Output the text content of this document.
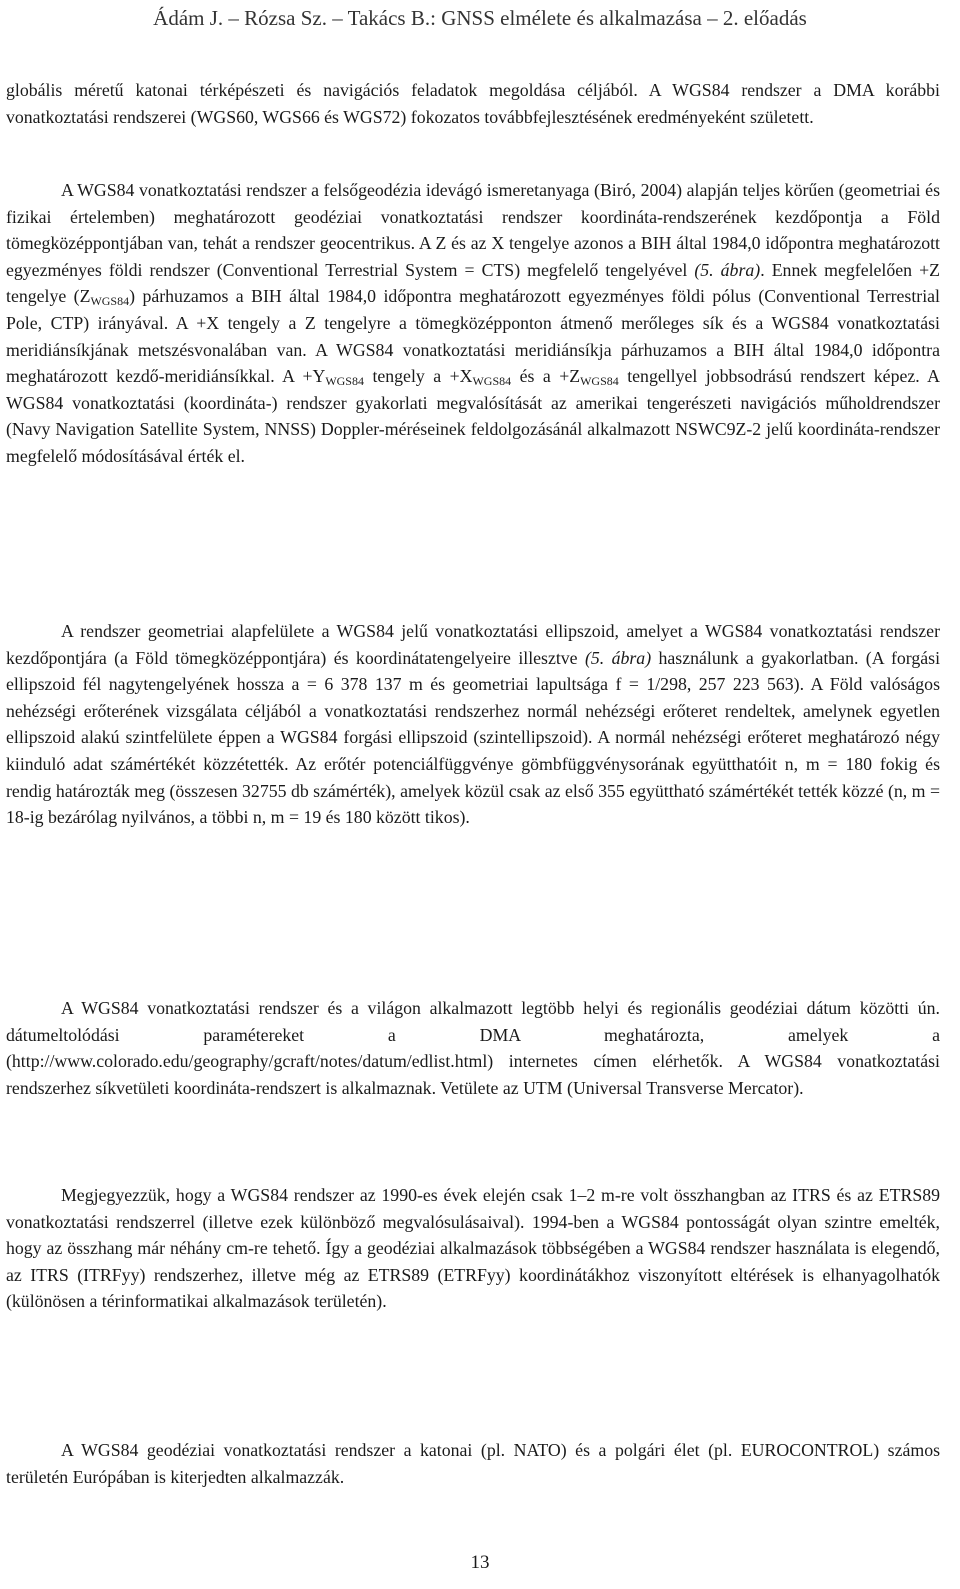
Ádám J. – Rózsa Sz. – Takács B.: GNSS elmélete és alkalmazása – 2. előadás

globális méretű katonai térképészeti és navigációs feladatok megoldása céljából. A WGS84 rendszer a DMA korábbi vonatkoztatási rendszerei (WGS60, WGS66 és WGS72) fokozatos továbbfejlesztésének eredményeként született.

A WGS84 vonatkoztatási rendszer a felsőgeodézia idevágó ismeretanyaga (Biró, 2004) alapján teljes körűen (geometriai és fizikai értelemben) meghatározott geodéziai vonatkoztatási rendszer koordináta-rendszerének kezdőpontja a Föld tömegközéppontjában van, tehát a rendszer geocentrikus. A Z és az X tengelye azonos a BIH által 1984,0 időpontra meghatározott egyezményes földi rendszer (Conventional Terrestrial System = CTS) megfelelő tengelyével (5. ábra). Ennek megfelelően +Z tengelye $(Z_{WGS84})$ párhuzamos a BIH által 1984,0 időpontra meghatározott egyezményes földi pólus (Conventional Terrestrial Pole, CTP) irányával. A +X tengely a Z tengelyre a tömegközépponton átmenő merőleges sík és a WGS84 vonatkoztatási meridiánsíkjának metszésvonalában van. A WGS84 vonatkoztatási meridiánsíkja párhuzamos a BIH által 1984,0 időpontra meghatározott kezdő-meridiánsíkkal. $A +Y_{WGS84}$ tengely $a +X_{WGS84}$ és $a +Z_{WGS84}$ tengellyel jobbsodrású rendszert képez. A WGS84 vonatkoztatási (koordináta-) rendszer gyakorlati megvalósítását az amerikai tengerészeti navigációs műholdrendszer (Navy Navigation Satellite System, NNSS) Doppler-méréseinek feldolgozásánál alkalmazott NSWC9Z-2 jelű koordináta-rendszer megfelelő módosításával érték el.

A rendszer geometriai alapfelülete a WGS84 jelű vonatkoztatási ellipszoid, amelyet a WGS84 vonatkoztatási rendszer kezdőpontjára (a Föld tömegközéppontjára) és koordinátatengelyeire illesztve (5. ábra) használunk a gyakorlatban. (A forgási ellipszoid fél nagytengelyének hossza a = 6 378 137 m és geometriai lapultsága f = 1/298, 257 223 563). A Föld valóságos nehézségi erőterének vizsgálata céljából a vonatkoztatási rendszerhez normál nehézségi erőteret rendeltek, amelynek egyetlen ellipszoid alakú szintfelülete éppen a WGS84 forgási ellipszoid (szintellipszoid). A normál nehézségi erőteret meghatározó négy kiinduló adat számértékét közzétették. Az erőtér potenciálfüggvénye gömbfüggvénysorának együtthatóit n, m = 180 fokig és rendig határozták meg (összesen 32755 db számérték), amelyek közül csak az első 355 együttható számértékét tették közzé (n, m = 18-ig bezárólag nyilvános, a többi n, m = 19 és 180 között tikos).

A WGS84 vonatkoztatási rendszer és a világon alkalmazott legtöbb helyi és regionális geodéziai dátum közötti ún. dátumeltolódási paramétereket a DMA meghatározta, amelyek a (http://www.colorado.edu/geography/gcraft/notes/datum/edlist.html) internetes címen elérhetők. A WGS84 vonatkoztatási rendszerhez síkvetületi koordináta-rendszert is alkalmaznak. Vetülete az UTM (Universal Transverse Mercator).

Megjegyezzük, hogy a WGS84 rendszer az 1990-es évek elején csak 1–2 m-re volt összhangban az ITRS és az ETRS89 vonatkoztatási rendszerrel (illetve ezek különböző megvalósulásaival). 1994-ben a WGS84 pontosságát olyan szintre emelték, hogy az összhang már néhány cm-re tehető. Így a geodéziai alkalmazások többségében a WGS84 rendszer használata is elegendő, az ITRS (ITRFyy) rendszerhez, illetve még az ETRS89 (ETRFyy) koordinátákhoz viszonyított eltérések is elhanyagolhatók (különösen a térinformatikai alkalmazások területén).

A WGS84 geodéziai vonatkoztatási rendszer a katonai (pl. NATO) és a polgári élet (pl. EUROCONTROL) számos területén Európában is kiterjedten alkalmazzák.

13
